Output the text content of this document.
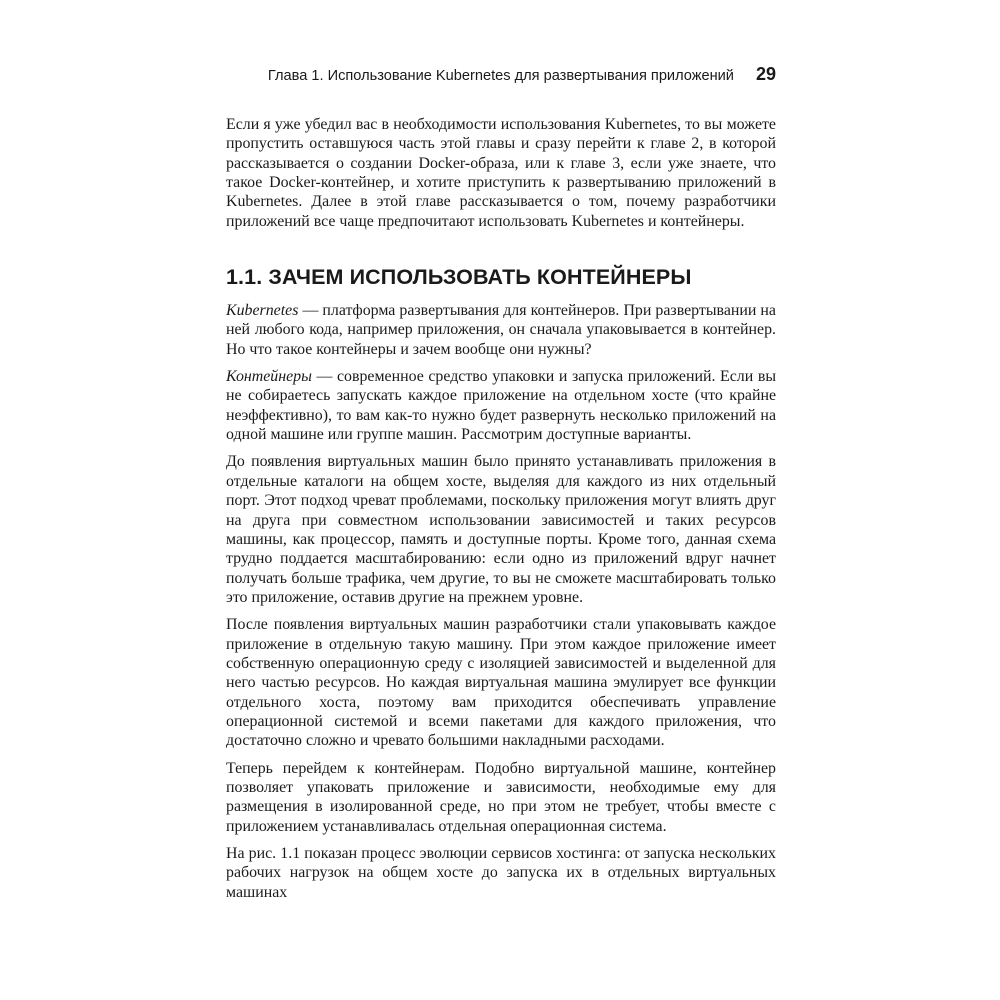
Глава 1. Использование Kubernetes для развертывания приложений 29

Если я уже убедил вас в необходимости использования Kubernetes, то вы можете пропустить оставшуюся часть этой главы и сразу перейти к главе 2, в которой рассказывается о создании Docker-образа, или к главе 3, если уже знаете, что такое Docker-контейнер, и хотите приступить к развертыванию приложений в Kubernetes. Далее в этой главе рассказывается о том, почему разработчики приложений все чаще предпочитают использовать Kubernetes и контейнеры.

1.1. ЗАЧЕМ ИСПОЛЬЗОВАТЬ КОНТЕЙНЕРЫ

Kubernetes — платформа развертывания для контейнеров. При развертывании на ней любого кода, например приложения, он сначала упаковывается в контейнер. Но что такое контейнеры и зачем вообще они нужны?

Контейнеры — современное средство упаковки и запуска приложений. Если вы не собираетесь запускать каждое приложение на отдельном хосте (что крайне неэффективно), то вам как-то нужно будет развернуть несколько приложений на одной машине или группе машин. Рассмотрим доступные варианты.

До появления виртуальных машин было принято устанавливать приложения в отдельные каталоги на общем хосте, выделяя для каждого из них отдельный порт. Этот подход чреват проблемами, поскольку приложения могут влиять друг на друга при совместном использовании зависимостей и таких ресурсов машины, как процессор, память и доступные порты. Кроме того, данная схема трудно поддается масштабированию: если одно из приложений вдруг начнет получать больше трафика, чем другие, то вы не сможете масштабировать только это приложение, оставив другие на прежнем уровне.

После появления виртуальных машин разработчики стали упаковывать каждое приложение в отдельную такую машину. При этом каждое приложение имеет собственную операционную среду с изоляцией зависимостей и выделенной для него частью ресурсов. Но каждая виртуальная машина эмулирует все функции отдельного хоста, поэтому вам приходится обеспечивать управление операционной системой и всеми пакетами для каждого приложения, что достаточно сложно и чревато большими накладными расходами.

Теперь перейдем к контейнерам. Подобно виртуальной машине, контейнер позволяет упаковать приложение и зависимости, необходимые ему для размещения в изолированной среде, но при этом не требует, чтобы вместе с приложением устанавливалась отдельная операционная система.

На рис. 1.1 показан процесс эволюции сервисов хостинга: от запуска нескольких рабочих нагрузок на общем хосте до запуска их в отдельных виртуальных машинах
